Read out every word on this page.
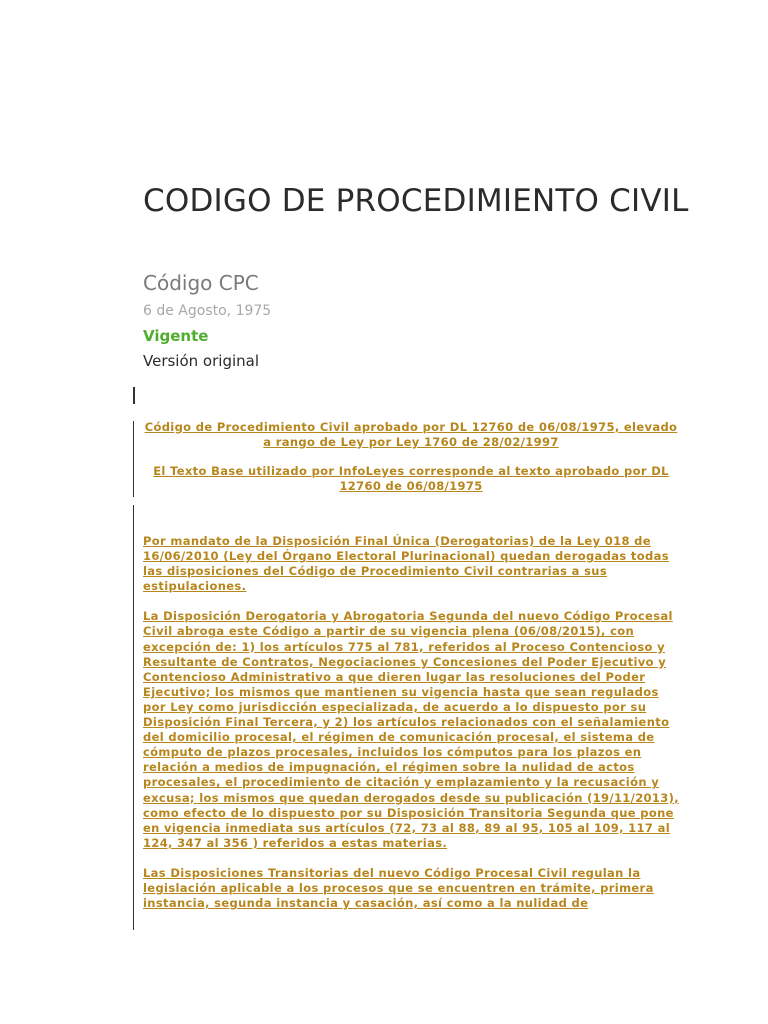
CODIGO DE PROCEDIMIENTO CIVIL
Código CPC
6 de Agosto, 1975
Vigente
Versión original

Código de Procedimiento Civil aprobado por DL 12760 de 06/08/1975, elevado a rango de Ley por Ley 1760 de 28/02/1997

El Texto Base utilizado por InfoLeyes corresponde al texto aprobado por DL 12760 de 06/08/1975

Por mandato de la Disposición Final Única (Derogatorias) de la Ley 018 de 16/06/2010 (Ley del Órgano Electoral Plurinacional) quedan derogadas todas las disposiciones del Código de Procedimiento Civil contrarias a sus estipulaciones.

La Disposición Derogatoria y Abrogatoria Segunda del nuevo Código Procesal Civil abroga este Código a partir de su vigencia plena (06/08/2015), con excepción de: 1) los artículos 775 al 781, referidos al Proceso Contencioso y Resultante de Contratos, Negociaciones y Concesiones del Poder Ejecutivo y Contencioso Administrativo a que dieren lugar las resoluciones del Poder Ejecutivo; los mismos que mantienen su vigencia hasta que sean regulados por Ley como jurisdicción especializada, de acuerdo a lo dispuesto por su Disposición Final Tercera, y 2) los artículos relacionados con el señalamiento del domicilio procesal, el régimen de comunicación procesal, el sistema de cómputo de plazos procesales, incluidos los cómputos para los plazos en relación a medios de impugnación, el régimen sobre la nulidad de actos procesales, el procedimiento de citación y emplazamiento y la recusación y excusa; los mismos que quedan derogados desde su publicación (19/11/2013), como efecto de lo dispuesto por su Disposición Transitoria Segunda que pone en vigencia inmediata sus artículos (72, 73 al 88, 89 al 95, 105 al 109, 117 al 124, 347 al 356 ) referidos a estas materias.

Las Disposiciones Transitorias del nuevo Código Procesal Civil regulan la legislación aplicable a los procesos que se encuentren en trámite, primera instancia, segunda instancia y casación, así como a la nulidad de
